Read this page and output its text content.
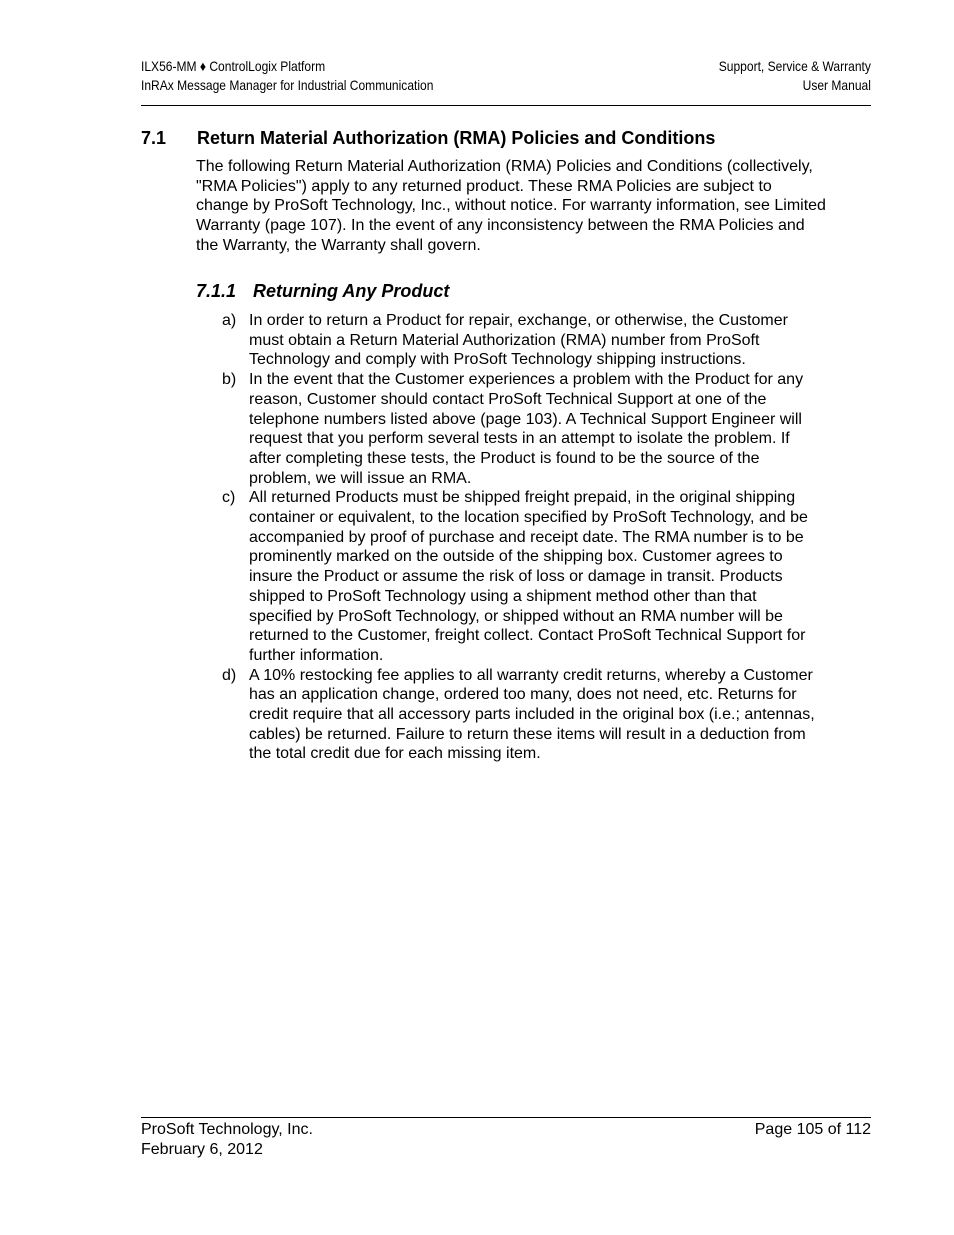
ILX56-MM ♦ ControlLogix Platform
InRAx Message Manager for Industrial Communication
Support, Service & Warranty
User Manual
7.1 Return Material Authorization (RMA) Policies and Conditions
The following Return Material Authorization (RMA) Policies and Conditions (collectively, "RMA Policies") apply to any returned product. These RMA Policies are subject to change by ProSoft Technology, Inc., without notice. For warranty information, see Limited Warranty (page 107). In the event of any inconsistency between the RMA Policies and the Warranty, the Warranty shall govern.
7.1.1 Returning Any Product
a) In order to return a Product for repair, exchange, or otherwise, the Customer must obtain a Return Material Authorization (RMA) number from ProSoft Technology and comply with ProSoft Technology shipping instructions.
b) In the event that the Customer experiences a problem with the Product for any reason, Customer should contact ProSoft Technical Support at one of the telephone numbers listed above (page 103). A Technical Support Engineer will request that you perform several tests in an attempt to isolate the problem. If after completing these tests, the Product is found to be the source of the problem, we will issue an RMA.
c) All returned Products must be shipped freight prepaid, in the original shipping container or equivalent, to the location specified by ProSoft Technology, and be accompanied by proof of purchase and receipt date. The RMA number is to be prominently marked on the outside of the shipping box. Customer agrees to insure the Product or assume the risk of loss or damage in transit. Products shipped to ProSoft Technology using a shipment method other than that specified by ProSoft Technology, or shipped without an RMA number will be returned to the Customer, freight collect. Contact ProSoft Technical Support for further information.
d) A 10% restocking fee applies to all warranty credit returns, whereby a Customer has an application change, ordered too many, does not need, etc. Returns for credit require that all accessory parts included in the original box (i.e.; antennas, cables) be returned. Failure to return these items will result in a deduction from the total credit due for each missing item.
ProSoft Technology, Inc.
February 6, 2012
Page 105 of 112
